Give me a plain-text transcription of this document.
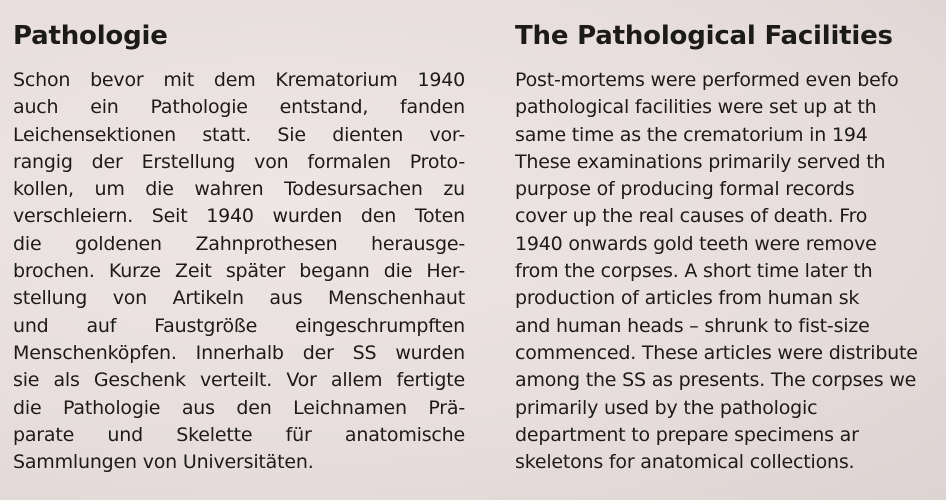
Pathologie
Schon bevor mit dem Krematorium 1940
auch ein Pathologie entstand, fanden
Leichensektionen statt. Sie dienten vor-
rangig der Erstellung von formalen Proto-
kollen, um die wahren Todesursachen zu
verschleiern. Seit 1940 wurden den Toten
die goldenen Zahnprothesen herausge-
brochen. Kurze Zeit später begann die Her-
stellung von Artikeln aus Menschenhaut
und auf Faustgröße eingeschrumpften
Menschenköpfen. Innerhalb der SS wurden
sie als Geschenk verteilt. Vor allem fertigte
die Pathologie aus den Leichnamen Prä-
parate und Skelette für anatomische
Sammlungen von Universitäten.
The Pathological Facilities
Post-mortems were performed even befo
pathological facilities were set up at th
same time as the crematorium in 194
These examinations primarily served th
purpose of producing formal records
cover up the real causes of death. Fro
1940 onwards gold teeth were remove
from the corpses. A short time later th
production of articles from human sk
and human heads – shrunk to fist-size
commenced. These articles were distribute
among the SS as presents. The corpses we
primarily used by the pathologic
department to prepare specimens ar
skeletons for anatomical collections.
